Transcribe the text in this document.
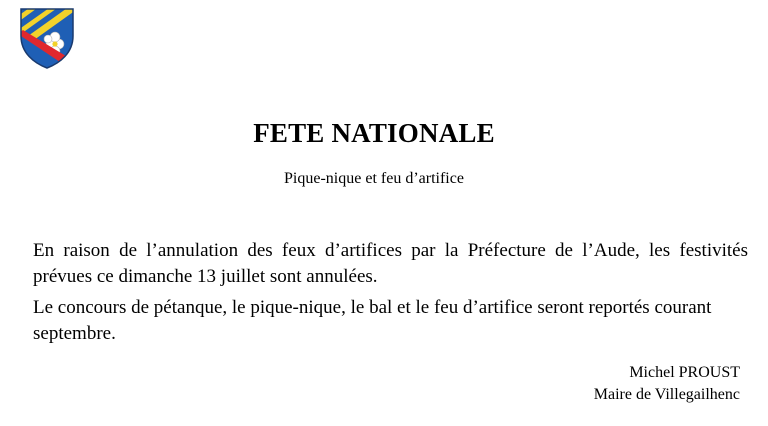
FETE NATIONALE
Pique-nique et feu d’artifice
En raison de l’annulation des feux d’artifices par la Préfecture de l’Aude, les festivités prévues ce dimanche 13 juillet sont annulées.
Le concours de pétanque, le pique-nique, le bal et le feu d’artifice seront reportés courant septembre.
Michel PROUST
Maire de Villegailhenc
